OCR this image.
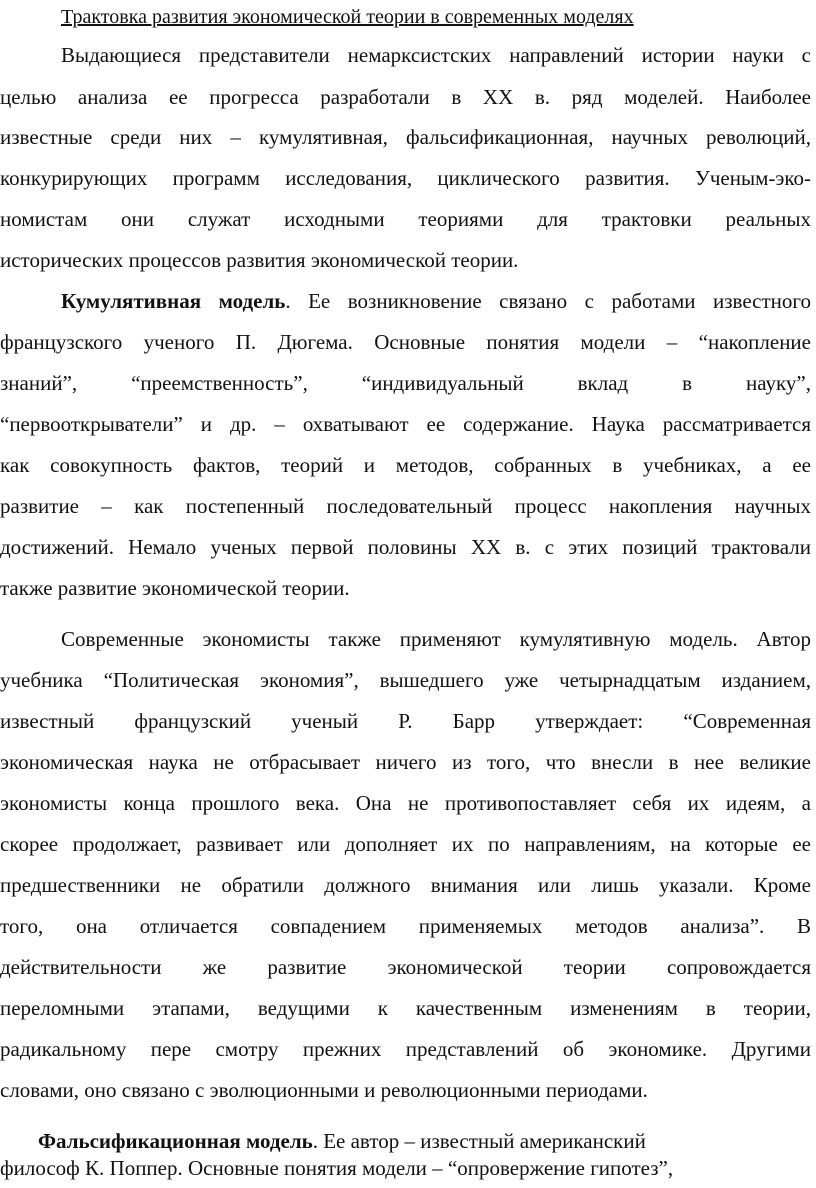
Трактовка развития экономической теории в современных моделях
Выдающиеся представители немарксистских направлений истории науки с
целью анализа ее прогресса разработали в XX в. ряд моделей. Наиболее
известные среди них – кумулятивная, фальсификационная, научных революций,
конкурирующих программ исследования, циклического развития. Ученым-эко-
номистам они служат исходными теориями для трактовки реальных
исторических процессов развития экономической теории.
Кумулятивная модель. Ее возникновение связано с работами известного
французского ученого П. Дюгема. Основные понятия модели – “накопление
знаний”, “преемственность”, “индивидуальный вклад в науку”,
“первооткрыватели” и др. – охватывают ее содержание. Наука рассматривается
как совокупность фактов, теорий и методов, собранных в учебниках, а ее
развитие – как постепенный последовательный процесс накопления научных
достижений. Немало ученых первой половины XX в. с этих позиций трактовали
также развитие экономической теории.
Современные экономисты также применяют кумулятивную модель. Автор
учебника “Политическая экономия”, вышедшего уже четырнадцатым изданием,
известный французский ученый Р. Барр утверждает: “Современная
экономическая наука не отбрасывает ничего из того, что внесли в нее великие
экономисты конца прошлого века. Она не противопоставляет себя их идеям, а
скорее продолжает, развивает или дополняет их по направлениям, на которые ее
предшественники не обратили должного внимания или лишь указали. Кроме
того, она отличается совпадением применяемых методов анализа”. В
действительности же развитие экономической теории сопровождается
переломными этапами, ведущими к качественным изменениям в теории,
радикальному пере смотру прежних представлений об экономике. Другими
словами, оно связано с эволюционными и революционными периодами.
Фальсификационная модель. Ее автор – известный американский
философ К. Поппер. Основные понятия модели – “опровержение гипотез”,
